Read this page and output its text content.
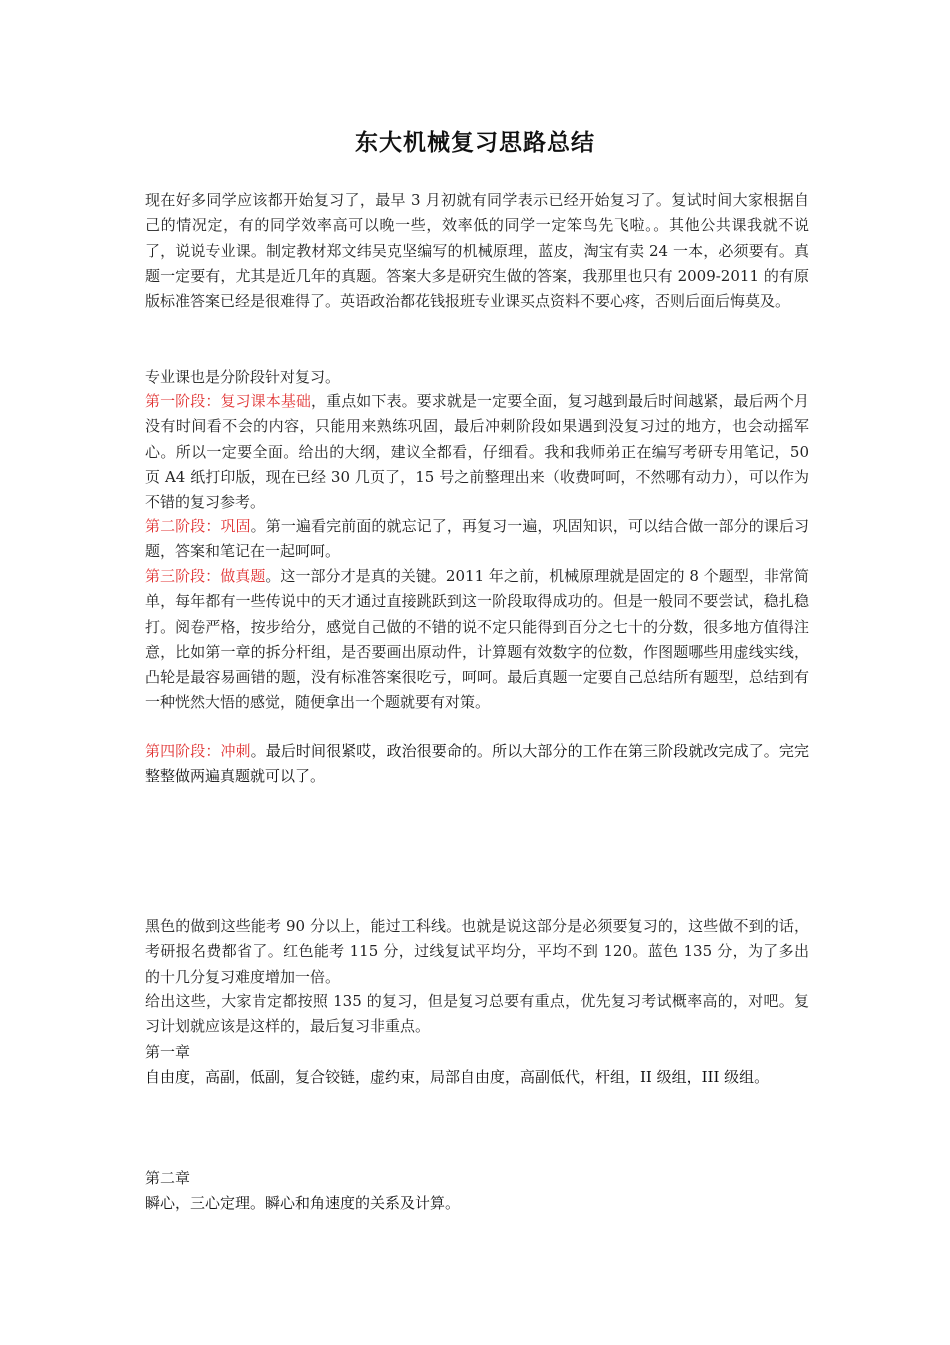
东大机械复习思路总结

现在好多同学应该都开始复习了，最早 3 月初就有同学表示已经开始复习了。复试时间大家根据自己的情况定，有的同学效率高可以晚一些，效率低的同学一定笨鸟先飞啦。。其他公共课我就不说了，说说专业课。制定教材郑文纬吴克坚编写的机械原理，蓝皮，淘宝有卖 24 一本，必须要有。真题一定要有，尤其是近几年的真题。答案大多是研究生做的答案，我那里也只有 2009-2011 的有原版标准答案已经是很难得了。英语政治都花钱报班专业课买点资料不要心疼，否则后面后悔莫及。

专业课也是分阶段针对复习。

第一阶段：复习课本基础，重点如下表。要求就是一定要全面，复习越到最后时间越紧，最后两个月没有时间看不会的内容，只能用来熟练巩固，最后冲刺阶段如果遇到没复习过的地方，也会动摇军心。所以一定要全面。给出的大纲，建议全都看，仔细看。我和我师弟正在编写考研专用笔记，50 页 A4 纸打印版，现在已经 30 几页了，15 号之前整理出来（收费呵呵，不然哪有动力），可以作为不错的复习参考。

第二阶段：巩固。第一遍看完前面的就忘记了，再复习一遍，巩固知识，可以结合做一部分的课后习题，答案和笔记在一起呵呵。

第三阶段：做真题。这一部分才是真的关键。2011 年之前，机械原理就是固定的 8 个题型，非常简单，每年都有一些传说中的天才通过直接跳跃到这一阶段取得成功的。但是一般同不要尝试，稳扎稳打。阅卷严格，按步给分，感觉自己做的不错的说不定只能得到百分之七十的分数，很多地方值得注意，比如第一章的拆分杆组，是否要画出原动件，计算题有效数字的位数，作图题哪些用虚线实线，凸轮是最容易画错的题，没有标准答案很吃亏，呵呵。最后真题一定要自己总结所有题型，总结到有一种恍然大悟的感觉，随便拿出一个题就要有对策。

第四阶段：冲刺。最后时间很紧哎，政治很要命的。所以大部分的工作在第三阶段就改完成了。完完整整做两遍真题就可以了。

黑色的做到这些能考 90 分以上，能过工科线。也就是说这部分是必须要复习的，这些做不到的话，考研报名费都省了。红色能考 115 分，过线复试平均分，平均不到 120。蓝色 135 分，为了多出的十几分复习难度增加一倍。

给出这些，大家肯定都按照 135 的复习，但是复习总要有重点，优先复习考试概率高的，对吧。复习计划就应该是这样的，最后复习非重点。

第一章

自由度，高副，低副，复合铰链，虚约束，局部自由度，高副低代，杆组，II 级组，III 级组。

第二章

瞬心，三心定理。瞬心和角速度的关系及计算。
